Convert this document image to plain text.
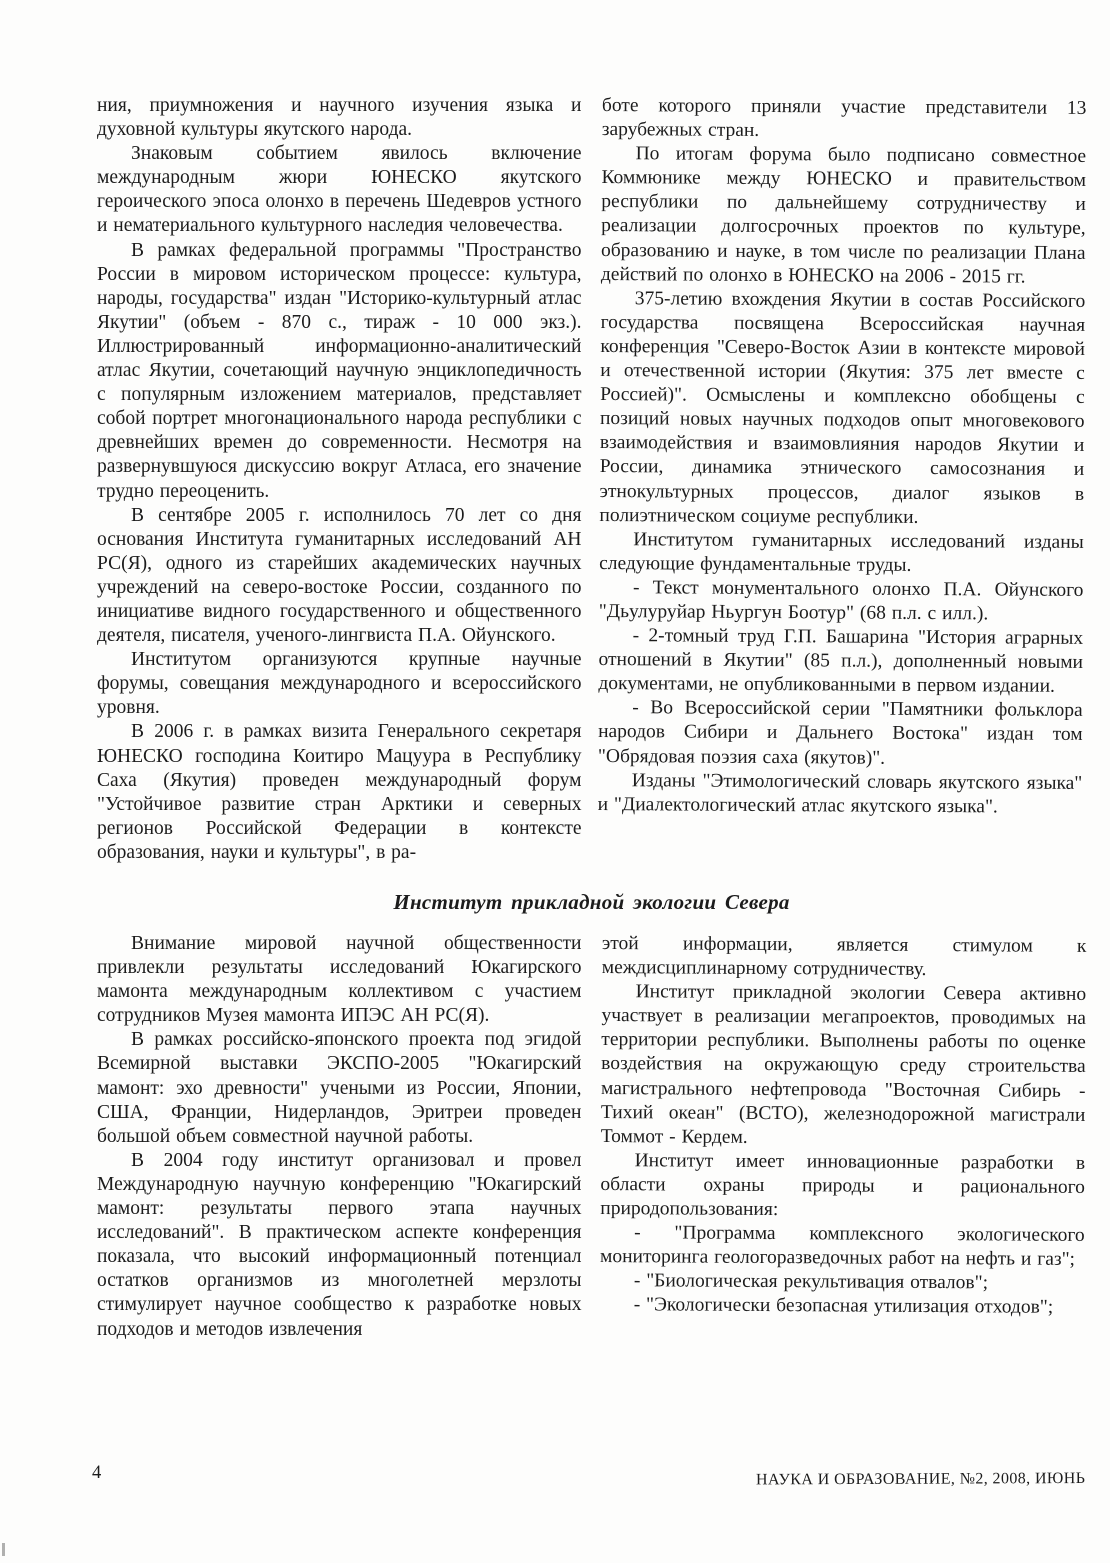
ния, приумножения и научного изучения языка и духовной культуры якутского народа.

Знаковым событием явилось включение международным жюри ЮНЕСКО якутского героического эпоса олонхо в перечень Шедевров устного и нематериального культурного наследия человечества.

В рамках федеральной программы "Пространство России в мировом историческом процессе: культура, народы, государства" издан "Историко-культурный атлас Якутии" (объем - 870 с., тираж - 10 000 экз.). Иллюстрированный информационно-аналитический атлас Якутии, сочетающий научную энциклопедичность с популярным изложением материалов, представляет собой портрет многонационального народа республики с древнейших времен до современности. Несмотря на развернувшуюся дискуссию вокруг Атласа, его значение трудно переоценить.

В сентябре 2005 г. исполнилось 70 лет со дня основания Института гуманитарных исследований АН РС(Я), одного из старейших академических научных учреждений на северо-востоке России, созданного по инициативе видного государственного и общественного деятеля, писателя, ученого-лингвиста П.А. Ойунского.

Институтом организуются крупные научные форумы, совещания международного и всероссийского уровня.

В 2006 г. в рамках визита Генерального секретаря ЮНЕСКО господина Коитиро Мацуура в Республику Саха (Якутия) проведен международный форум "Устойчивое развитие стран Арктики и северных регионов Российской Федерации в контексте образования, науки и культуры", в ра-

боте которого приняли участие представители 13 зарубежных стран.

По итогам форума было подписано совместное Коммюнике между ЮНЕСКО и правительством республики по дальнейшему сотрудничеству и реализации долгосрочных проектов по культуре, образованию и науке, в том числе по реализации Плана действий по олонхо в ЮНЕСКО на 2006 - 2015 гг.

375-летию вхождения Якутии в состав Российского государства посвящена Всероссийская научная конференция "Северо-Восток Азии в контексте мировой и отечественной истории (Якутия: 375 лет вместе с Россией)". Осмыслены и комплексно обобщены с позиций новых научных подходов опыт многовекового взаимодействия и взаимовлияния народов Якутии и России, динамика этнического самосознания и этнокультурных процессов, диалог языков в полиэтническом социуме республики.

Институтом гуманитарных исследований изданы следующие фундаментальные труды.

- Текст монументального олонхо П.А. Ойунского "Дьулуруйар Ньургун Боотур" (68 п.л. с илл.).

- 2-томный труд Г.П. Башарина "История аграрных отношений в Якутии" (85 п.л.), дополненный новыми документами, не опубликованными в первом издании.

- Во Всероссийской серии "Памятники фольклора народов Сибири и Дальнего Востока" издан том "Обрядовая поэзия саха (якутов)".

Изданы "Этимологический словарь якутского языка" и "Диалектологический атлас якутского языка".

Институт прикладной экологии Севера

Внимание мировой научной общественности привлекли результаты исследований Юкагирского мамонта международным коллективом с участием сотрудников Музея мамонта ИПЭС АН РС(Я).

В рамках российско-японского проекта под эгидой Всемирной выставки ЭКСПО-2005 "Юкагирский мамонт: эхо древности" учеными из России, Японии, США, Франции, Нидерландов, Эритреи проведен большой объем совместной научной работы.

В 2004 году институт организовал и провел Международную научную конференцию "Юкагирский мамонт: результаты первого этапа научных исследований". В практическом аспекте конференция показала, что высокий информационный потенциал остатков организмов из многолетней мерзлоты стимулирует научное сообщество к разработке новых подходов и методов извлечения

этой информации, является стимулом к междисциплинарному сотрудничеству.

Институт прикладной экологии Севера активно участвует в реализации мегапроектов, проводимых на территории республики. Выполнены работы по оценке воздействия на окружающую среду строительства магистрального нефтепровода "Восточная Сибирь - Тихий океан" (ВСТО), железнодорожной магистрали Томмот - Кердем.

Институт имеет инновационные разработки в области охраны природы и рационального природопользования:

- "Программа комплексного экологического мониторинга геологоразведочных работ на нефть и газ";

- "Биологическая рекультивация отвалов";

- "Экологически безопасная утилизация отходов";

4	НАУКА И ОБРАЗОВАНИЕ, №2, 2008, ИЮНЬ
